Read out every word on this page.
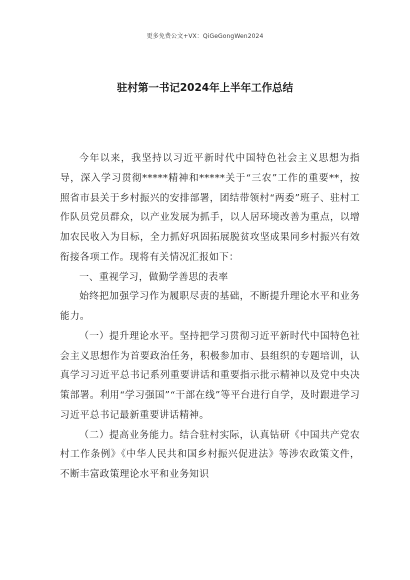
更多免费公文+VX：QiGeGongWen2024
驻村第一书记2024年上半年工作总结

今年以来，我坚持以习近平新时代中国特色社会主义思想为指导，深入学习贯彻*****精神和*****关于“三农”工作的重要**，按照省市县关于乡村振兴的安排部署，团结带领村“两委”班子、驻村工作队员党员群众，以产业发展为抓手，以人居环境改善为重点，以增加农民收入为目标，全力抓好巩固拓展脱贫攻坚成果同乡村振兴有效衔接各项工作。现将有关情况汇报如下：

一、重视学习，做勤学善思的表率

始终把加强学习作为履职尽责的基础，不断提升理论水平和业务能力。

（一）提升理论水平。坚持把学习贯彻习近平新时代中国特色社会主义思想作为首要政治任务，积极参加市、县组织的专题培训，认真学习习近平总书记系列重要讲话和重要指示批示精神以及党中央决策部署。利用“学习强国”“干部在线”等平台进行自学，及时跟进学习习近平总书记最新重要讲话精神。

（二）提高业务能力。结合驻村实际，认真钻研《中国共产党农村工作条例》《中华人民共和国乡村振兴促进法》等涉农政策文件，不断丰富政策理论水平和业务知识
